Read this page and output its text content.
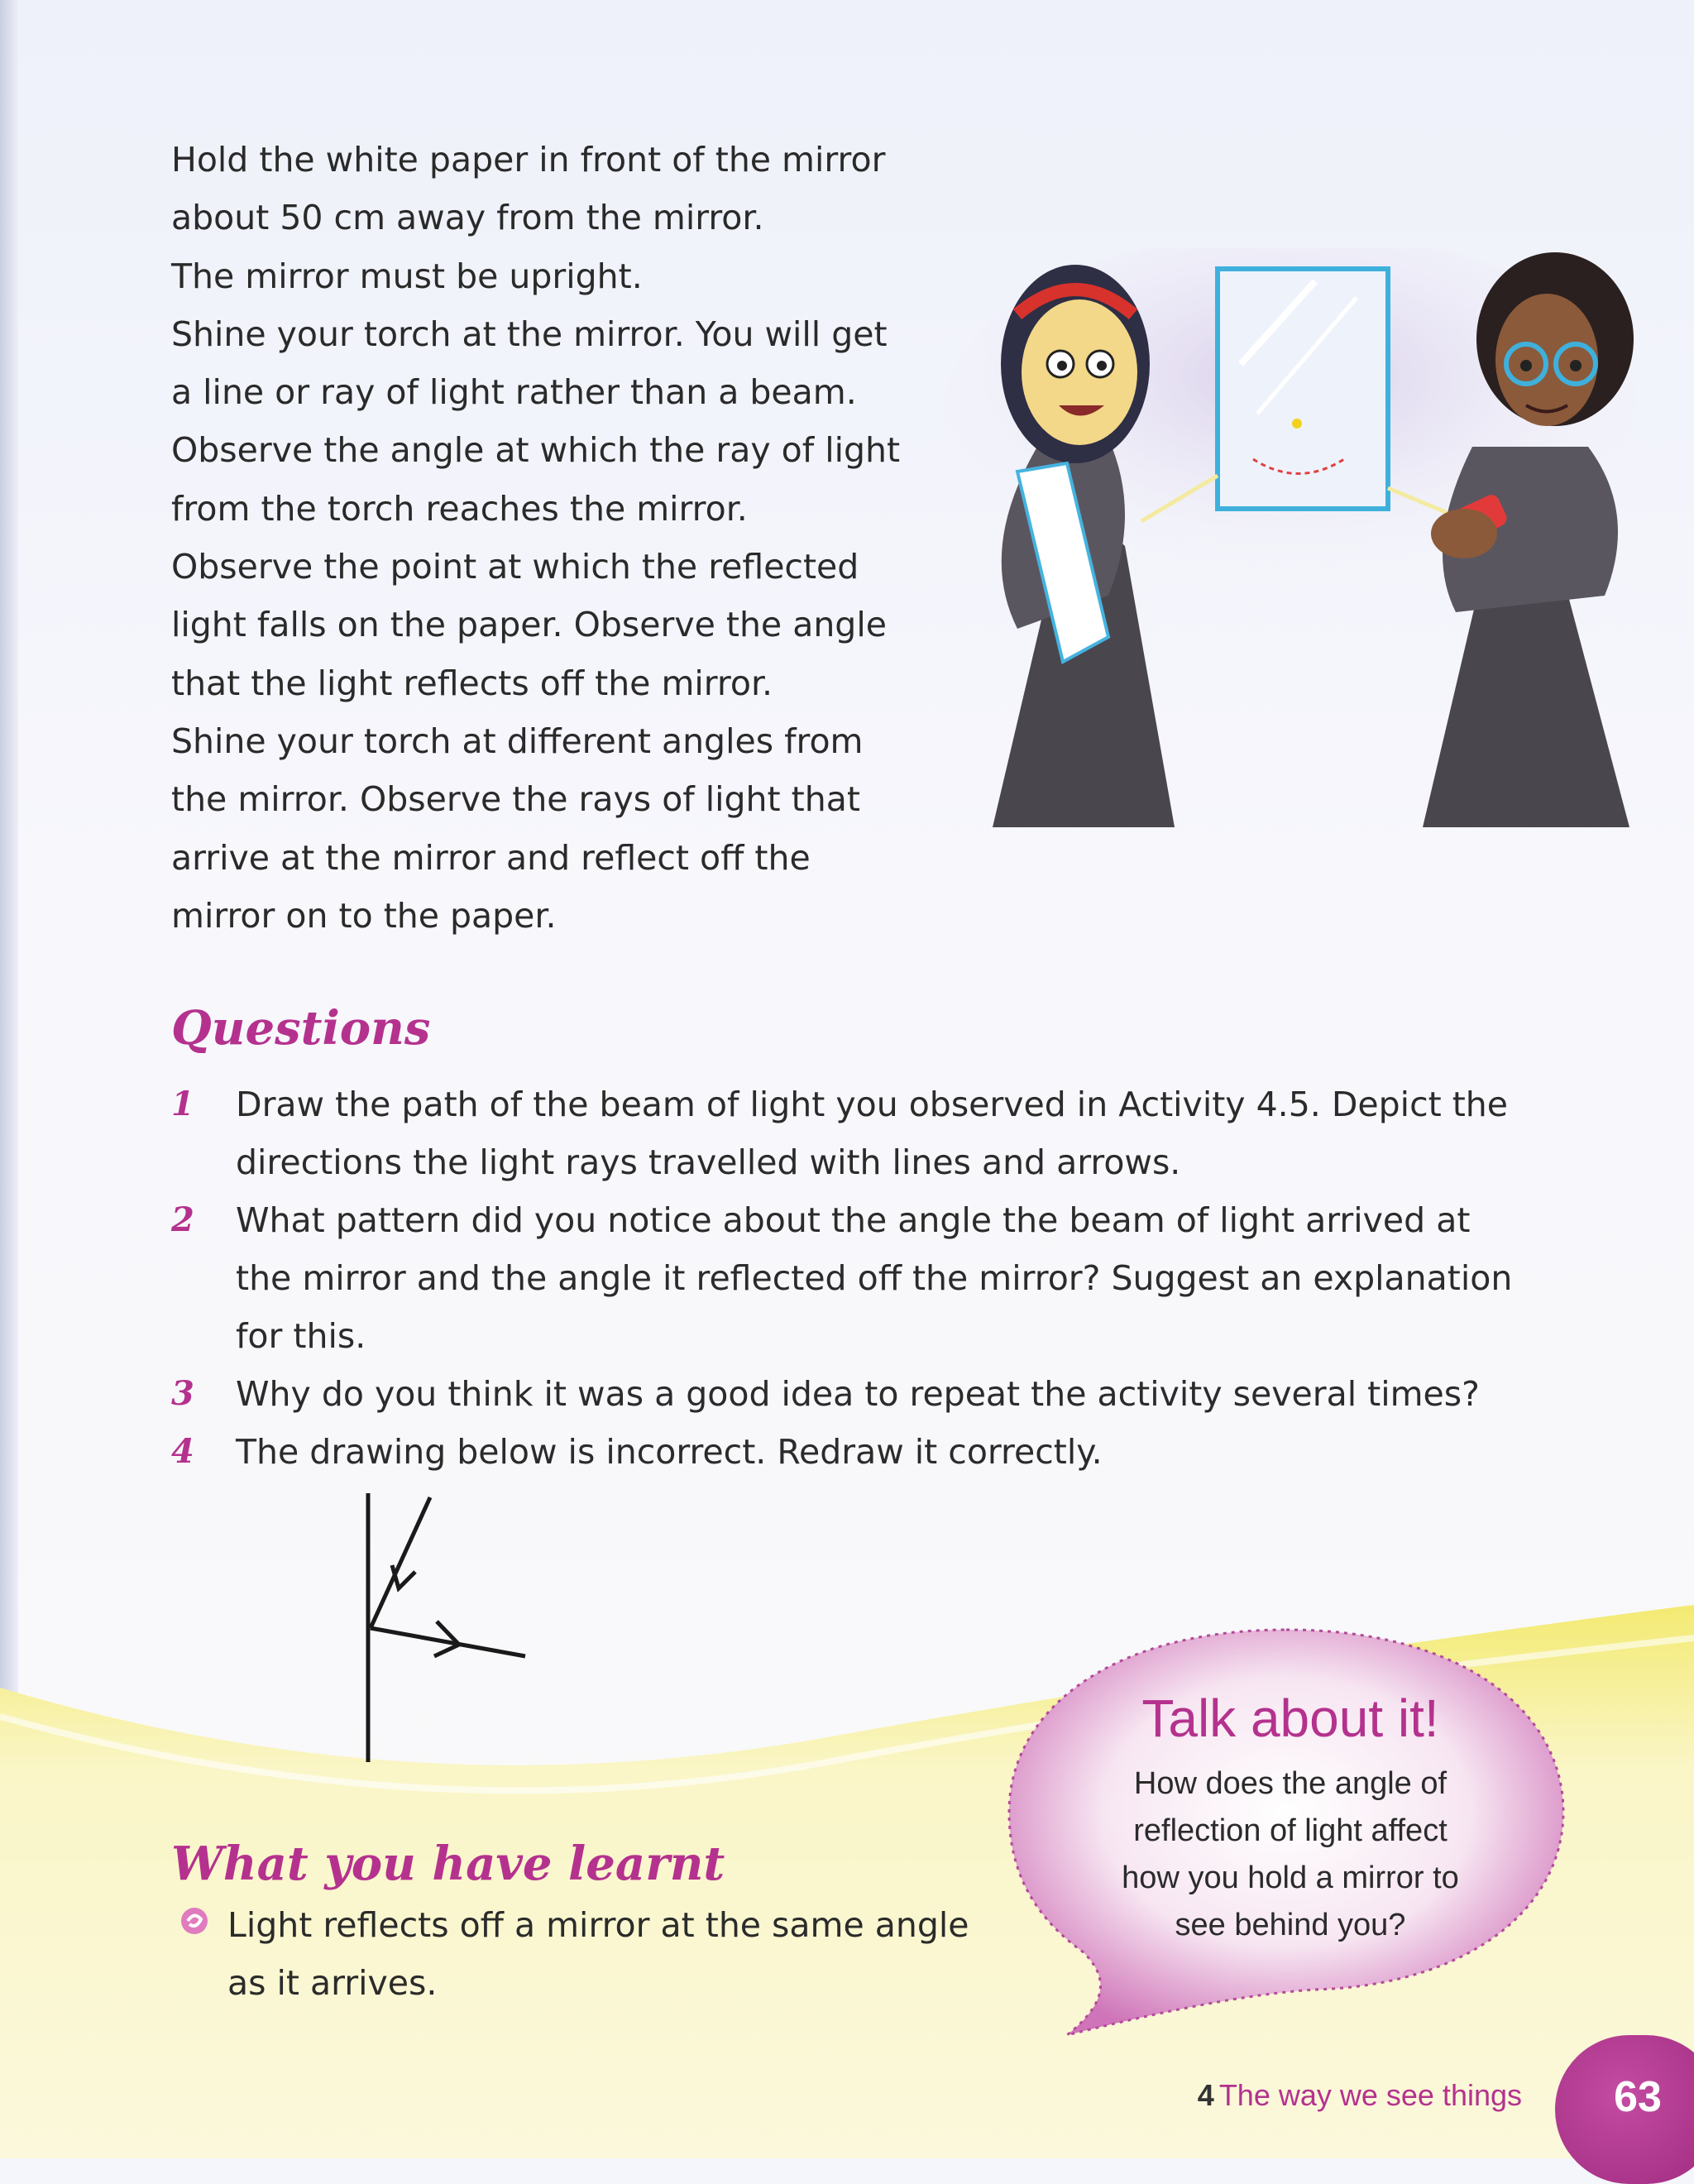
Hold the white paper in front of the mirror
about 50 cm away from the mirror.
The mirror must be upright.
Shine your torch at the mirror. You will get
a line or ray of light rather than a beam.
Observe the angle at which the ray of light
from the torch reaches the mirror.
Observe the point at which the reflected
light falls on the paper. Observe the angle
that the light reflects off the mirror.
Shine your torch at different angles from
the mirror. Observe the rays of light that
arrive at the mirror and reflect off the
mirror on to the paper.
Questions
1 Draw the path of the beam of light you observed in Activity 4.5. Depict the
directions the light rays travelled with lines and arrows.
2 What pattern did you notice about the angle the beam of light arrived at
the mirror and the angle it reflected off the mirror? Suggest an explanation
for this.
3 Why do you think it was a good idea to repeat the activity several times?
4 The drawing below is incorrect. Redraw it correctly.
What you have learnt
Light reflects off a mirror at the same angle
as it arrives.
Talk about it!
How does the angle of
reflection of light affect
how you hold a mirror to
see behind you?
4 The way we see things	63
